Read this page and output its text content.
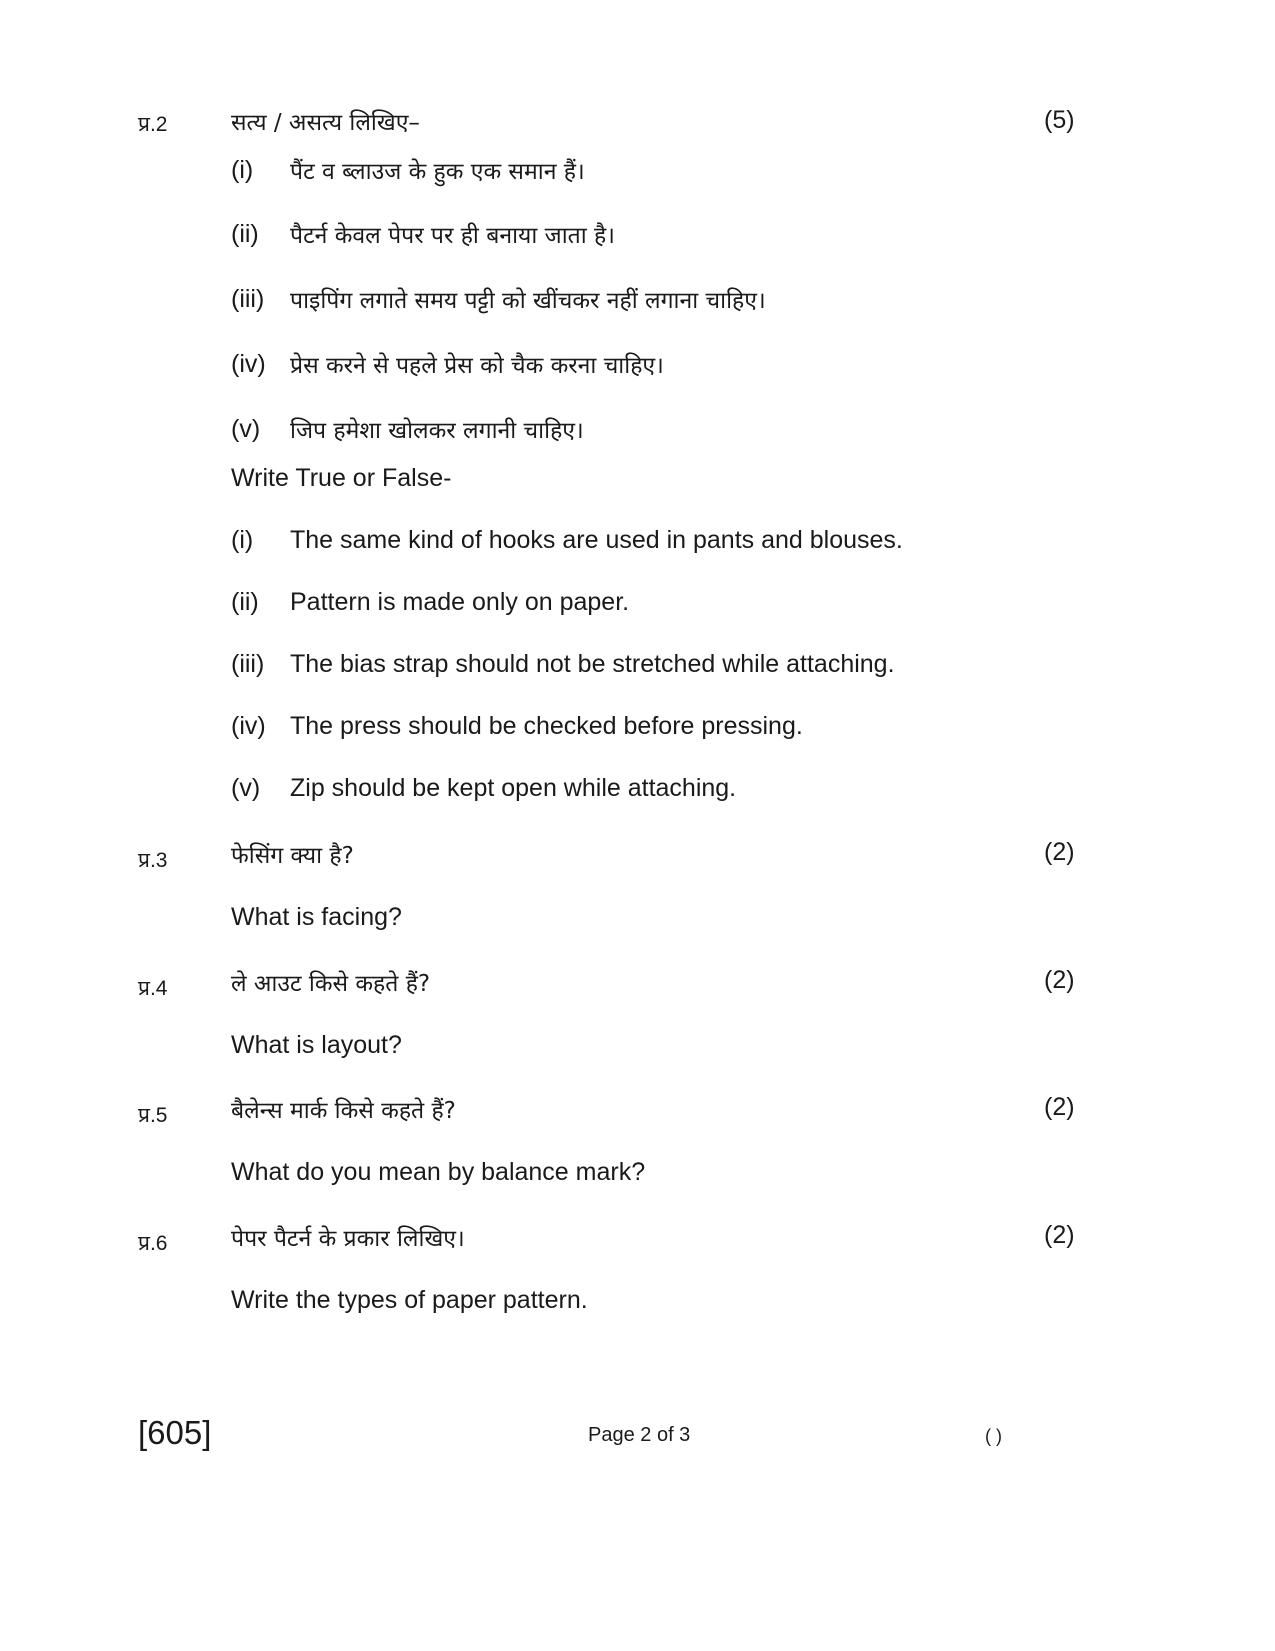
प्र.2	सत्य / असत्य लिखिए–	(5)
(i) पैंट व ब्लाउज के हुक एक समान हैं।
(ii) पैटर्न केवल पेपर पर ही बनाया जाता है।
(iii) पाइपिंग लगाते समय पट्टी को खींचकर नहीं लगाना चाहिए।
(iv) प्रेस करने से पहले प्रेस को चैक करना चाहिए।
(v) जिप हमेशा खोलकर लगानी चाहिए।
Write True or False-
(i) The same kind of hooks are used in pants and blouses.
(ii) Pattern is made only on paper.
(iii) The bias strap should not be stretched while attaching.
(iv) The press should be checked before pressing.
(v) Zip should be kept open while attaching.
प्र.3	फेसिंग क्या है?	(2)
What is facing?
प्र.4	ले आउट किसे कहते हैं?	(2)
What is layout?
प्र.5	बैलेन्स मार्क किसे कहते हैं?	(2)
What do you mean by balance mark?
प्र.6	पेपर पैटर्न के प्रकार लिखिए।	(2)
Write the types of paper pattern.
[605]	Page 2 of 3	( )
